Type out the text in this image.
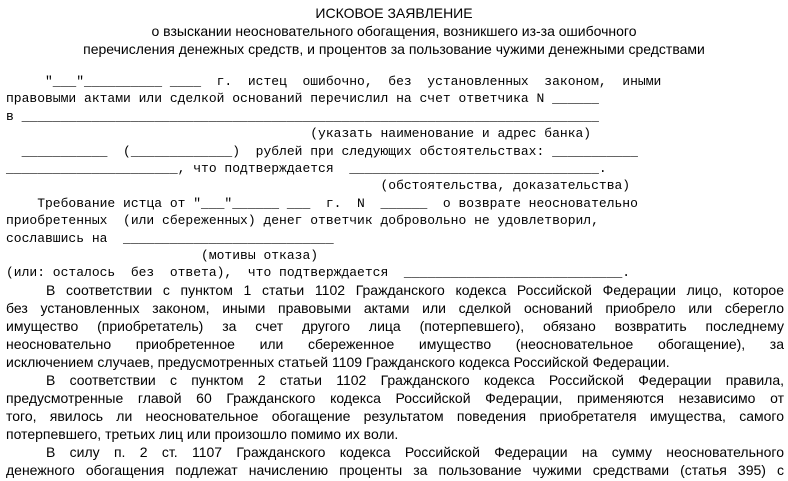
ИСКОВОЕ ЗАЯВЛЕНИЕ
о взыскании неосновательного обогащения, возникшего из-за ошибочного
перечисления денежных средств, и процентов за пользование чужими денежными средствами
"___"__________ ____  г.  истец  ошибочно,  без  установленных  законом,  иными
правовыми актами или сделкой оснований перечислил на счет ответчика N ______
в __________________________________________________________________________
(указать наименование и адрес банка)
___________  (_____________)  рублей при следующих обстоятельствах: ___________
______________________, что подтверждается  ________________________________.
(обстоятельства, доказательства)
Требование истца от "___"______ ___  г.  N  ______  о возврате неосновательно
приобретенных  (или сбереженных) денег ответчик добровольно не удовлетворил,
сославшись на  ___________________________
(мотивы отказа)
(или: осталось  без  ответа),  что подтверждается  ____________________________.
В соответствии с пунктом 1 статьи 1102 Гражданского кодекса Российской Федерации лицо, которое
без установленных законом, иными правовыми актами или сделкой оснований приобрело или сберегло
имущество (приобретатель) за счет другого лица (потерпевшего), обязано возвратить последнему
неосновательно приобретенное или сбереженное имущество (неосновательное обогащение), за
исключением случаев, предусмотренных статьей 1109 Гражданского кодекса Российской Федерации.
В соответствии с пунктом 2 статьи 1102 Гражданского кодекса Российской Федерации правила,
предусмотренные главой 60 Гражданского кодекса Российской Федерации, применяются независимо от
того, явилось ли неосновательное обогащение результатом поведения приобретателя имущества, самого
потерпевшего, третьих лиц или произошло помимо их воли.
В силу п. 2 ст. 1107 Гражданского кодекса Российской Федерации на сумму неосновательного
денежного обогащения подлежат начислению проценты за пользование чужими средствами (статья 395) с
